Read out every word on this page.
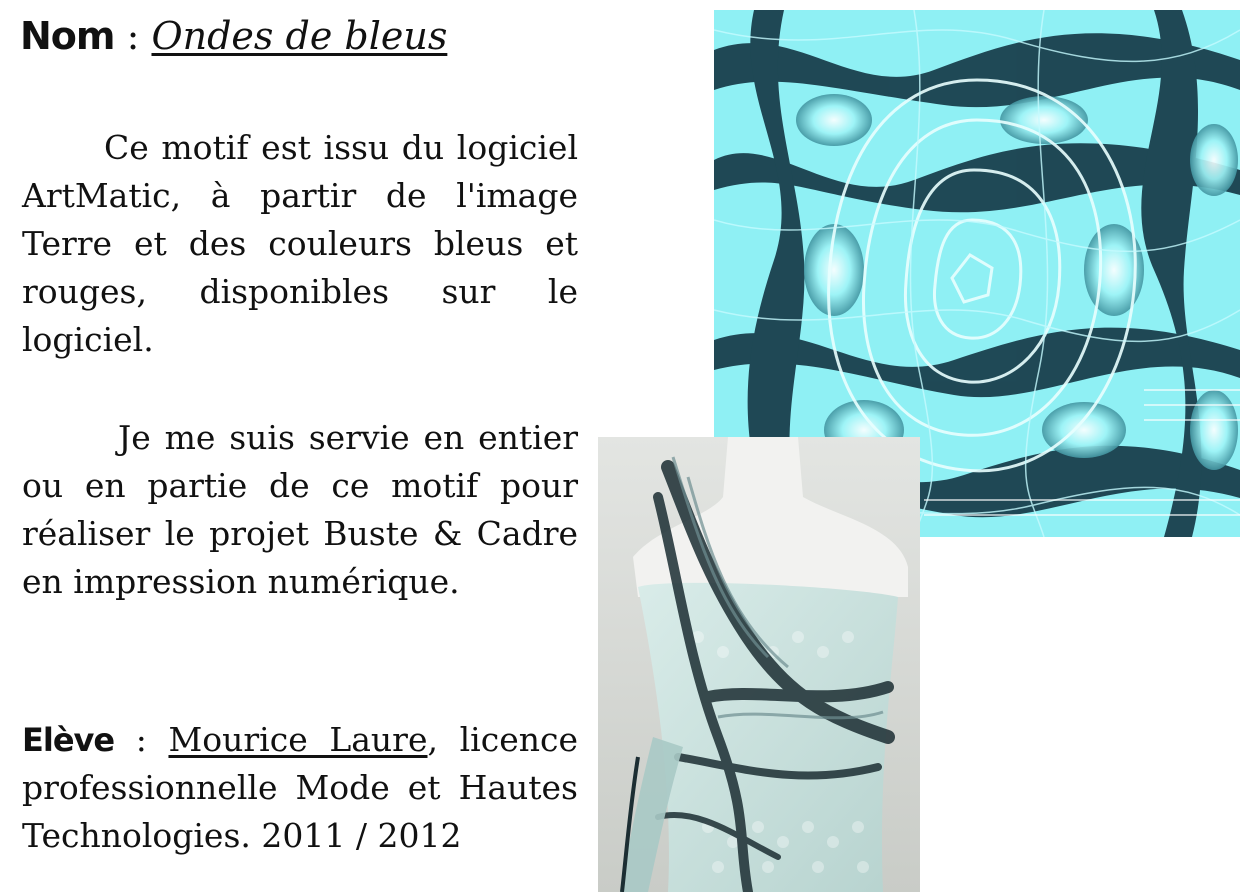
Nom : Ondes de bleus

Ce motif est issu du logiciel ArtMatic, à partir de l'image Terre et des couleurs bleus et rouges, disponibles sur le logiciel.

Je me suis servie en entier ou en partie de ce motif pour réaliser le projet Buste & Cadre en impression numérique.

Elève : Mourice Laure, licence professionnelle Mode et Hautes Technologies. 2011 / 2012
